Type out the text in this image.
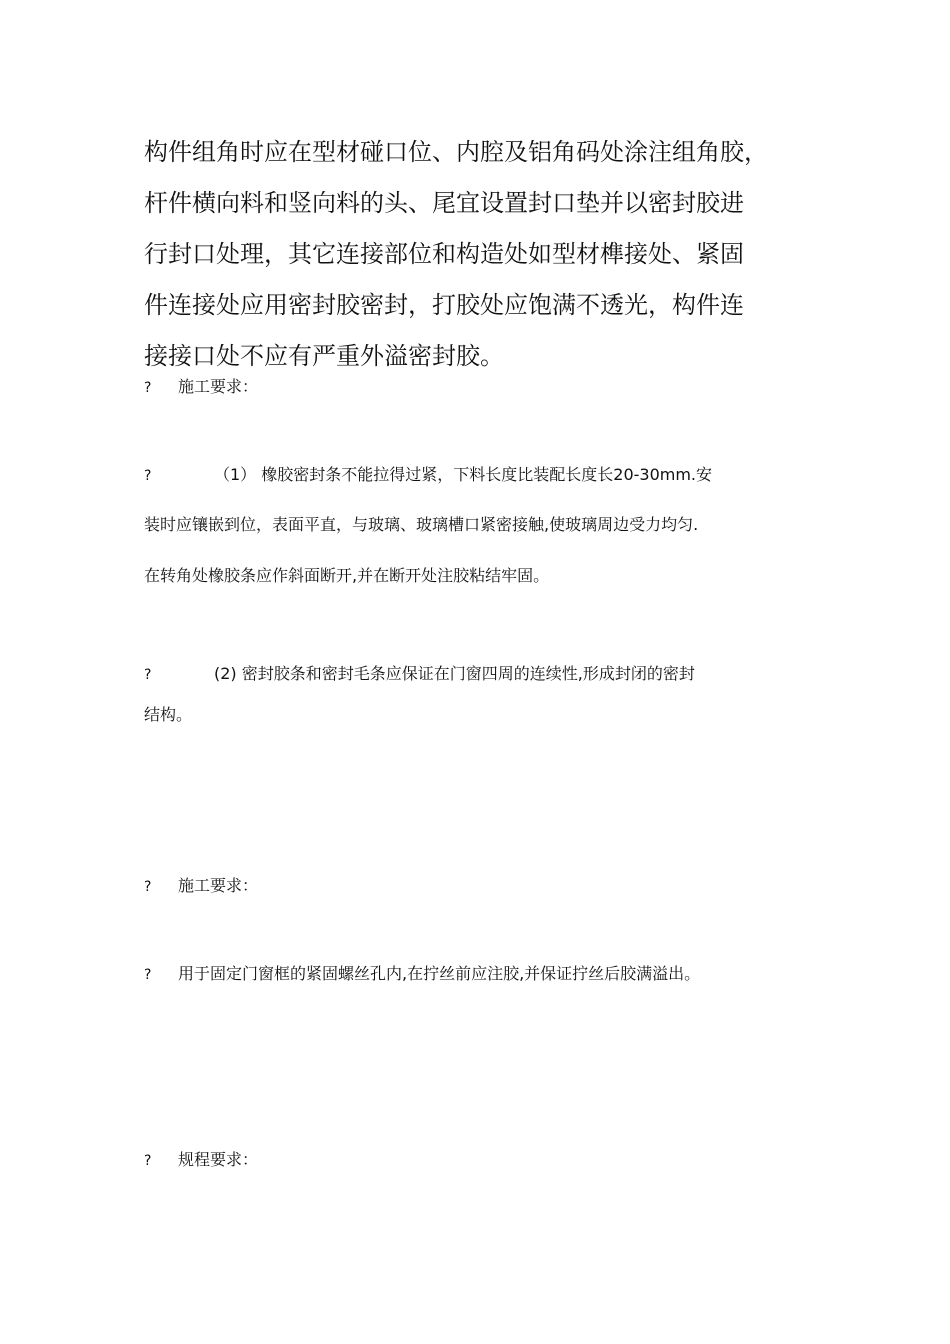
构件组角时应在型材碰口位、内腔及铝角码处涂注组角胶，
杆件横向料和竖向料的头、尾宜设置封口垫并以密封胶进
行封口处理，其它连接部位和构造处如型材榫接处、紧固
件连接处应用密封胶密封，打胶处应饱满不透光，构件连
接接口处不应有严重外溢密封胶。
? 施工要求：
?	（1） 橡胶密封条不能拉得过紧，下料长度比装配长度长20-30mm.安
装时应镶嵌到位，表面平直，与玻璃、玻璃槽口紧密接触,使玻璃周边受力均匀.
在转角处橡胶条应作斜面断开,并在断开处注胶粘结牢固。
?	(2) 密封胶条和密封毛条应保证在门窗四周的连续性,形成封闭的密封
结构。
? 施工要求：
? 用于固定门窗框的紧固螺丝孔内,在拧丝前应注胶,并保证拧丝后胶满溢出。
? 规程要求：
